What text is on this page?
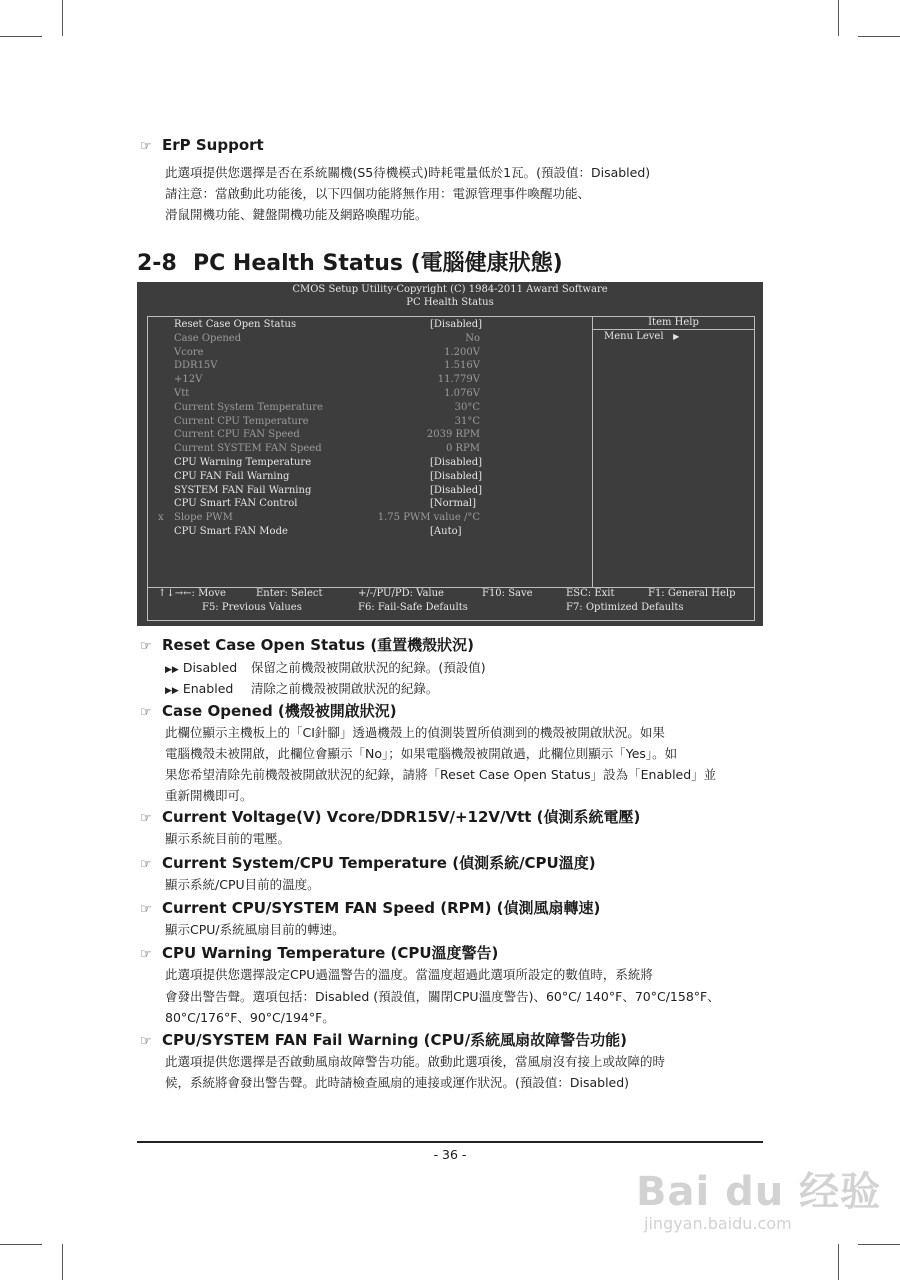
☞ ErP Support
此選項提供您選擇是否在系統關機(S5待機模式)時耗電量低於1瓦。(預設值：Disabled)
請注意：當啟動此功能後，以下四個功能將無作用：電源管理事件喚醒功能、
滑鼠開機功能、鍵盤開機功能及網路喚醒功能。
2-8 PC Health Status (電腦健康狀態)
CMOS Setup Utility-Copyright (C) 1984-2011 Award Software
PC Health Status
Reset Case Open Status	[Disabled]
Case Opened	No
Vcore	1.200V
DDR15V	1.516V
+12V	11.779V
Vtt	1.076V
Current System Temperature	30°C
Current CPU Temperature	31°C
Current CPU FAN Speed	2039 RPM
Current SYSTEM FAN Speed	0 RPM
CPU Warning Temperature	[Disabled]
CPU FAN Fail Warning	[Disabled]
SYSTEM FAN Fail Warning	[Disabled]
CPU Smart FAN Control	[Normal]
x Slope PWM	1.75 PWM value /°C
CPU Smart FAN Mode	[Auto]
Item Help
Menu Level ▶
↑↓→←: Move	Enter: Select	+/-/PU/PD: Value	F10: Save	ESC: Exit	F1: General Help
F5: Previous Values	F6: Fail-Safe Defaults	F7: Optimized Defaults
☞ Reset Case Open Status (重置機殼狀況)
▶▶ Disabled 保留之前機殼被開啟狀況的紀錄。(預設值)
▶▶ Enabled 清除之前機殼被開啟狀況的紀錄。
☞ Case Opened (機殼被開啟狀況)
此欄位顯示主機板上的「CI針腳」透過機殼上的偵測裝置所偵測到的機殼被開啟狀況。如果
電腦機殼未被開啟，此欄位會顯示「No」；如果電腦機殼被開啟過，此欄位則顯示「Yes」。如
果您希望清除先前機殼被開啟狀況的紀錄，請將「Reset Case Open Status」設為「Enabled」並
重新開機即可。
☞ Current Voltage(V) Vcore/DDR15V/+12V/Vtt (偵測系統電壓)
顯示系統目前的電壓。
☞ Current System/CPU Temperature (偵測系統/CPU溫度)
顯示系統/CPU目前的溫度。
☞ Current CPU/SYSTEM FAN Speed (RPM) (偵測風扇轉速)
顯示CPU/系統風扇目前的轉速。
☞ CPU Warning Temperature (CPU溫度警告)
此選項提供您選擇設定CPU過溫警告的溫度。當溫度超過此選項所設定的數值時，系統將
會發出警告聲。選項包括：Disabled (預設值，關閉CPU溫度警告)、60°C/ 140°F、70°C/158°F、
80°C/176°F、90°C/194°F。
☞ CPU/SYSTEM FAN Fail Warning (CPU/系統風扇故障警告功能)
此選項提供您選擇是否啟動風扇故障警告功能。啟動此選項後，當風扇沒有接上或故障的時
候，系統將會發出警告聲。此時請檢查風扇的連接或運作狀況。(預設值：Disabled)
- 36 -
Bai du 经验
jingyan.baidu.com
